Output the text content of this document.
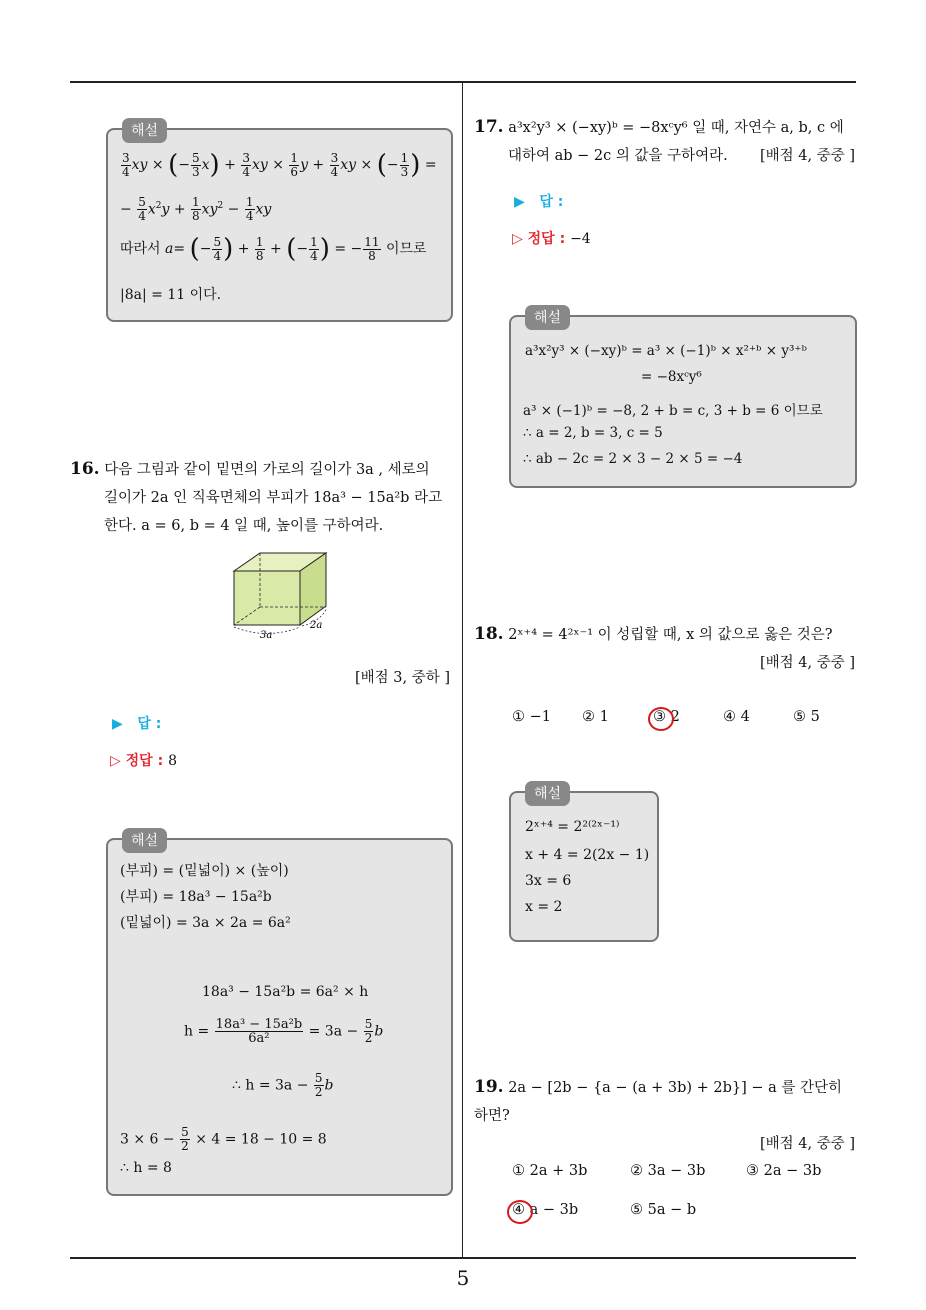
해설
$\frac{3}{4}$ xy × (− $\frac{5}{3} x) + \frac{3}{4}$ xy × $\frac{1}{6}$ $y + \frac{3}{4}$ xy × (− $\frac{1}{3}$ ) =
− $\frac{5}{4} x^2y + \frac{1}{8} xy^2 - \frac{1}{4}$ xy
따라서 a= (− $\frac{5}{4}$ ) + $\frac{1}{8}$ + (− $\frac{1}{4}$ ) = − $\frac{11}{8}$ 이므로
|8a| = 11 이다.
16. 다음 그림과 같이 밑면의 가로의 길이가 3a , 세로의
길이가 2a 인 직육면체의 부피가 18a³ − 15a²b 라고
한다. a = 6, b = 4 일 때, 높이를 구하여라.
3a
2a
[배점 3, 중하 ]
▶ 답 :
▷ 정답 : 8
해설
(부피) = (밑넓이) × (높이)
(부피) = 18a³ − 15a²b
(밑넓이) = 3a × 2a = 6a²
18a³ − 15a²b = 6a² × h
$h = \frac{\text{18a³ − 15a²b}}{\text{6a²}} = 3a - \frac{5}{2}$ b
∴ $h = 3a - \frac{5}{2}$ b
$3 \times 6 - \frac{5}{2} \times 4 = 18 - 10 = 8$
∴ h = 8
17. a³x²y³ × (−xy)ᵇ = −8xᶜy⁶ 일 때, 자연수 a, b, c 에
대하여 ab − 2c 의 값을 구하여라. [배점 4, 중중 ]
▶ 답 :
▷ 정답 : −4
해설
a³x²y³ × (−xy)ᵇ = a³ × (−1)ᵇ × x²⁺ᵇ × y³⁺ᵇ
= −8xᶜy⁶
a³ × (−1)ᵇ = −8, 2 + b = c, 3 + b = 6 이므로
∴ a = 2, b = 3, c = 5
∴ ab − 2c = 2 × 3 − 2 × 5 = −4
18. 2ˣ⁺⁴ = 4²ˣ⁻¹ 이 성립할 때, x 의 값으로 옳은 것은?

[배점 4, 중중 ]
① −1 ② 1	③ 2	④ 4	⑤ 5
해설
2ˣ⁺⁴ = 2²⁽²ˣ⁻¹⁾
x + 4 = 2(2x − 1)
3x = 6
x = 2
19. 2a − [2b − {a − (a + 3b) + 2b}] − a 를 간단히 하면?

[배점 4, 중중 ]
① 2a + 3b	② 3a − 3b	③ 2a − 3b
④ a − 3b	⑤ 5a − b
5
